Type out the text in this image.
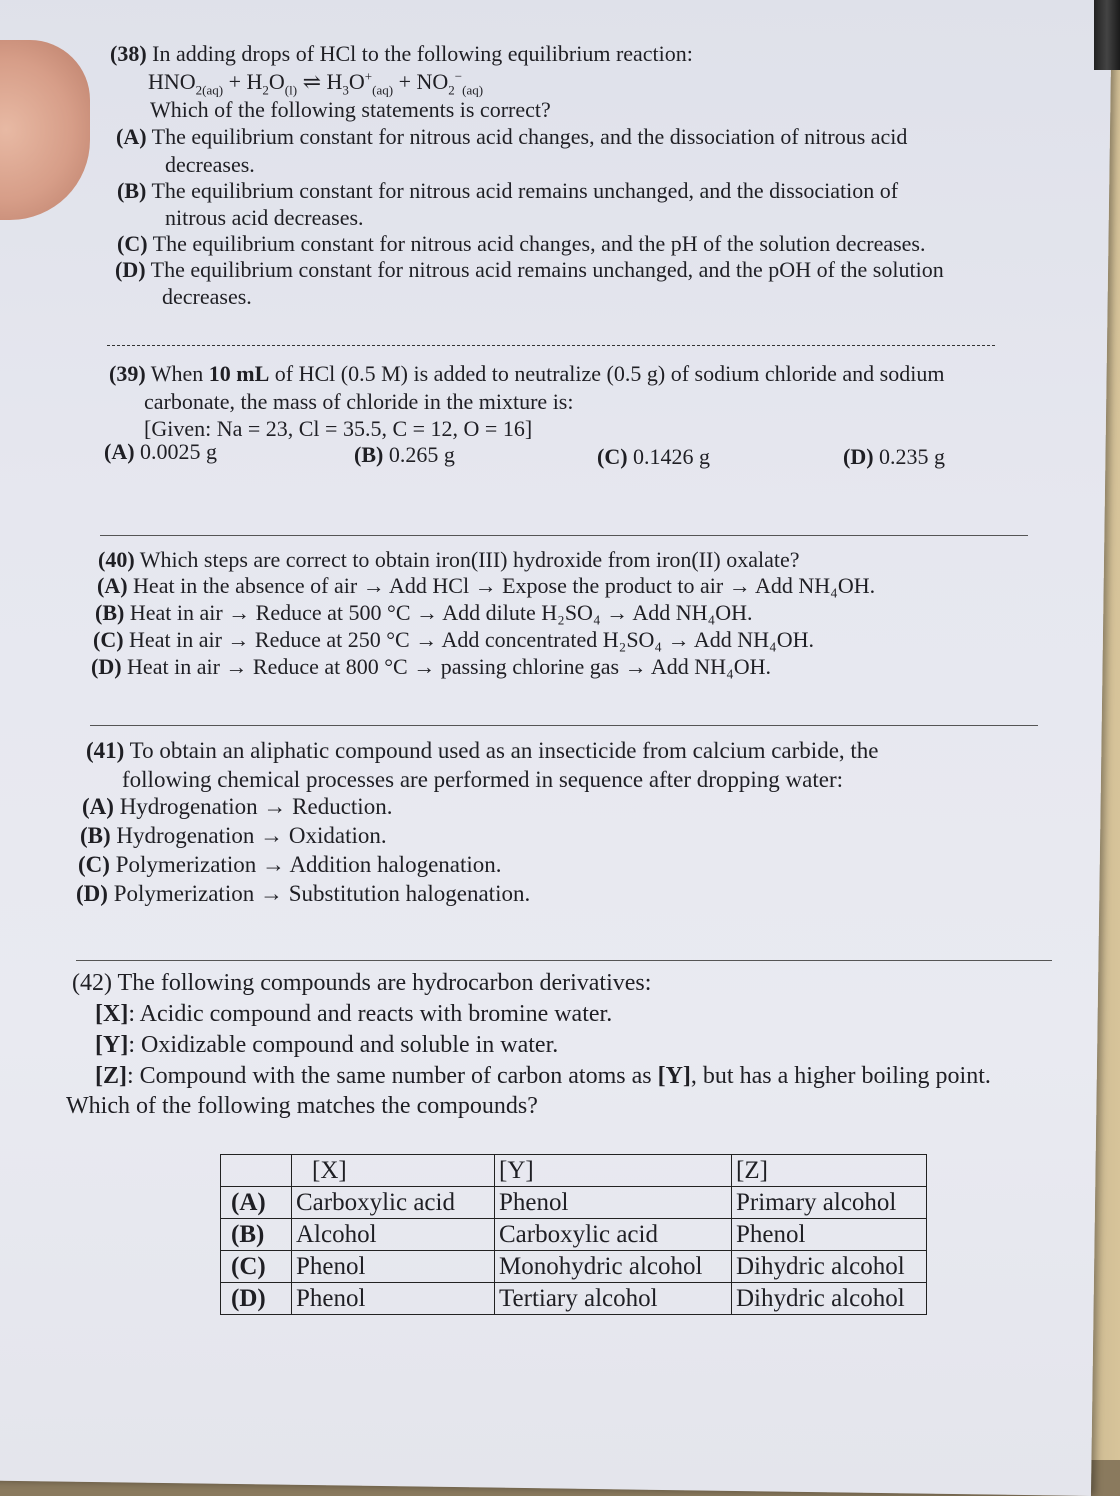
(38) In adding drops of HCl to the following equilibrium reaction:
$HNO_{2(aq)} + H_2O_{(l)}$ ⇌ $H_3O^+_{(aq)} + NO_2^-_{(aq)}$
Which of the following statements is correct?
(A) The equilibrium constant for nitrous acid changes, and the dissociation of nitrous acid
decreases.
(B) The equilibrium constant for nitrous acid remains unchanged, and the dissociation of
nitrous acid decreases.
(C) The equilibrium constant for nitrous acid changes, and the pH of the solution decreases.
(D) The equilibrium constant for nitrous acid remains unchanged, and the pOH of the solution
decreases.
(39) When 10 mL of HCl (0.5 M) is added to neutralize (0.5 g) of sodium chloride and sodium
carbonate, the mass of chloride in the mixture is:
[Given: Na = 23, Cl = 35.5, C = 12, O = 16]
(A) 0.0025 g	(B) 0.265 g	(C) 0.1426 g	(D) 0.235 g
(40) Which steps are correct to obtain iron(III) hydroxide from iron(II) oxalate?
(A) Heat in the absence of air → Add HCl → Expose the product to air → Add NH₄OH.
(B) Heat in air → Reduce at 500 °C → Add dilute H₂SO₄ → Add NH₄OH.
(C) Heat in air → Reduce at 250 °C → Add concentrated H₂SO₄ → Add NH₄OH.
(D) Heat in air → Reduce at 800 °C → passing chlorine gas → Add NH₄OH.
(41) To obtain an aliphatic compound used as an insecticide from calcium carbide, the
following chemical processes are performed in sequence after dropping water:
(A) Hydrogenation → Reduction.
(B) Hydrogenation → Oxidation.
(C) Polymerization → Addition halogenation.
(D) Polymerization → Substitution halogenation.
(42) The following compounds are hydrocarbon derivatives:
[X]: Acidic compound and reacts with bromine water.
[Y]: Oxidizable compound and soluble in water.
[Z]: Compound with the same number of carbon atoms as [Y], but has a higher boiling point.
Which of the following matches the compounds?
	[X]	[Y]	[Z]
(A)	Carboxylic acid	Phenol	Primary alcohol
(B)	Alcohol	Carboxylic acid	Phenol
(C)	Phenol	Monohydric alcohol	Dihydric alcohol
(D)	Phenol	Tertiary alcohol	Dihydric alcohol
